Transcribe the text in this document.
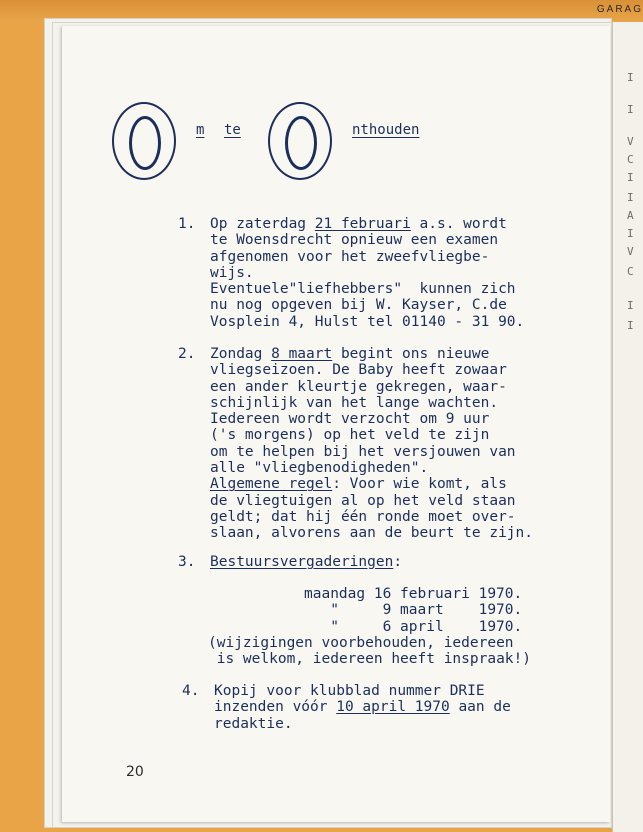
GARAG
I
I
V
C
I
I
A
I
V
C
I
I
m te	nthouden
1. Op zaterdag 21 februari a.s. wordt
te Woensdrecht opnieuw een examen
afgenomen voor het zweefvliegbe-
wijs.
Eventuele"liefhebbers"  kunnen zich
nu nog opgeven bij W. Kayser, C.de
Vosplein 4, Hulst tel 01140 - 31 90.
2. Zondag 8 maart begint ons nieuwe
vliegseizoen. De Baby heeft zowaar
een ander kleurtje gekregen, waar-
schijnlijk van het lange wachten.
Iedereen wordt verzocht om 9 uur
('s morgens) op het veld te zijn
om te helpen bij het versjouwen van
alle "vliegbenodigheden".
Algemene regel: Voor wie komt, als
de vliegtuigen al op het veld staan
geldt; dat hij één ronde moet over-
slaan, alvorens aan de beurt te zijn.
3. Bestuursvergaderingen:
maandag 16 februari 1970.
"     9 maart    1970.
"     6 april    1970.
(wijzigingen voorbehouden, iedereen
is welkom, iedereen heeft inspraak!)
4. Kopij voor klubblad nummer DRIE
inzenden vóór 10 april 1970 aan de
redaktie.
20
